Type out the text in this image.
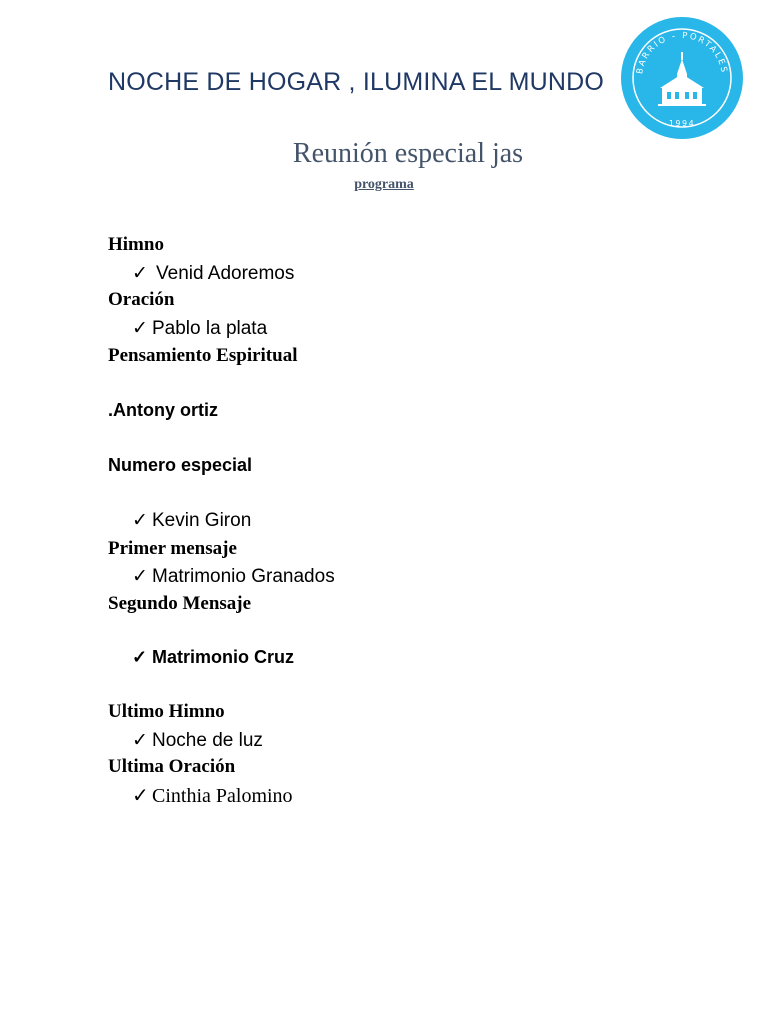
NOCHE DE HOGAR , ILUMINA EL MUNDO	BARRIO - PORTALES
1994
Reunión especial jas
programa
Himno
✓ Venid Adoremos
Oración
✓ Pablo la plata
Pensamiento Espiritual
.Antony ortiz
Numero especial
✓ Kevin Giron
Primer mensaje
✓ Matrimonio Granados
Segundo Mensaje
✓ Matrimonio Cruz
Ultimo Himno
✓ Noche de luz
Ultima Oración
✓ Cinthia Palomino
